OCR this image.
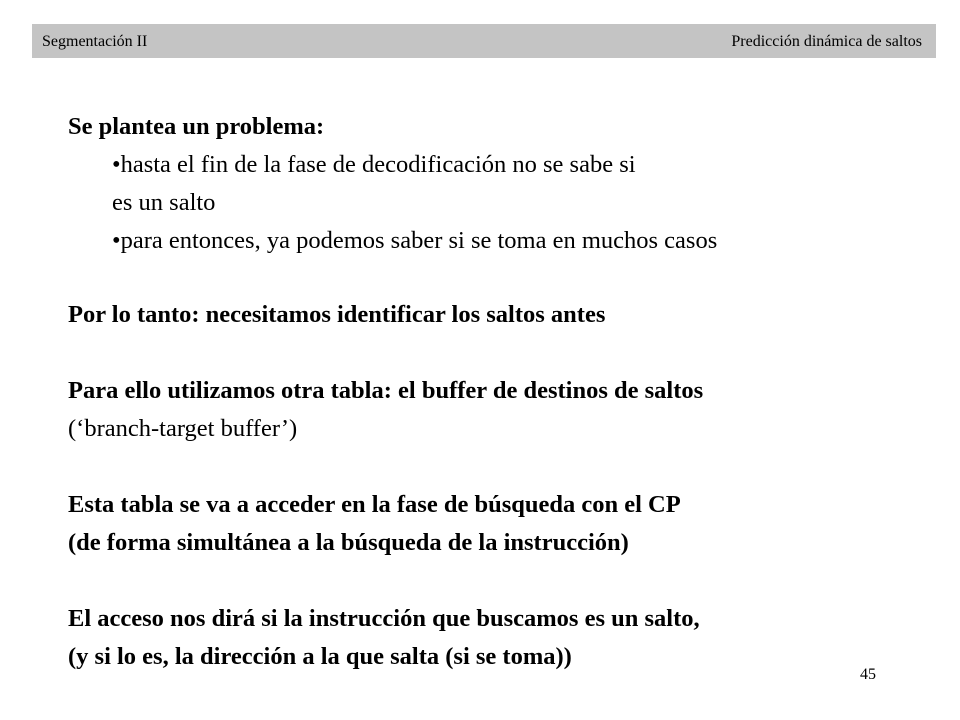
Segmentación II	Predicción dinámica de saltos
Se plantea un problema:
•hasta el fin de la fase de decodificación no se sabe si
es un salto
•para entonces, ya podemos saber si se toma en muchos casos
Por lo tanto: necesitamos identificar los saltos antes
Para ello utilizamos otra tabla: el buffer de destinos de saltos
(‘branch-target buffer’)
Esta tabla se va a acceder en la fase de búsqueda con el CP
(de forma simultánea a la búsqueda de la instrucción)
El acceso nos dirá si la instrucción que buscamos es un salto,
(y si lo es, la dirección a la que salta (si se toma))
45
